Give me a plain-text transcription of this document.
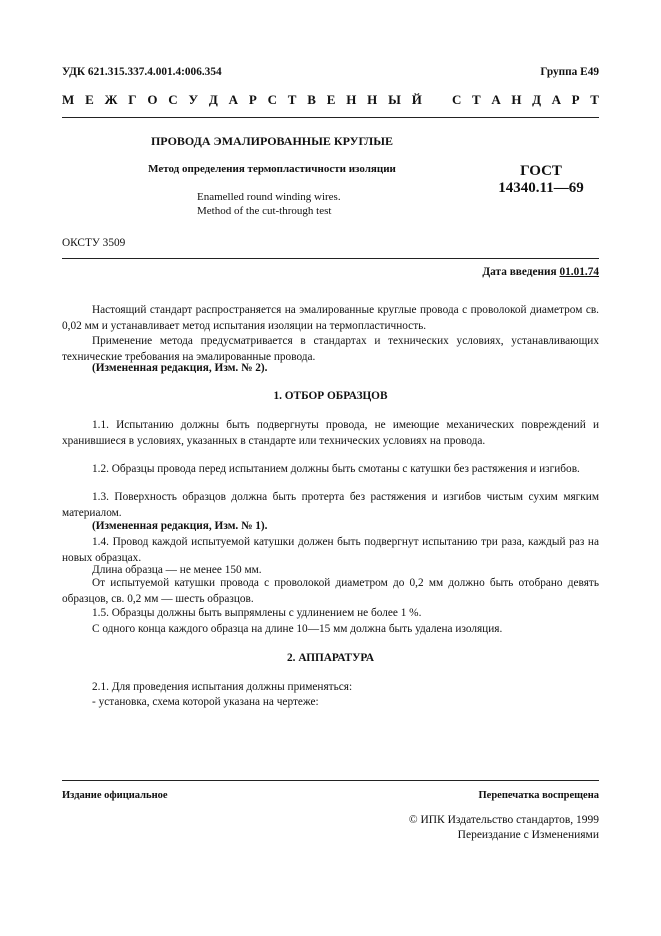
УДК 621.315.337.4.001.4:006.354	Группа Е49
М Е Ж Г О С У Д А Р С Т В Е Н Н Ы Й С Т А Н Д А Р Т
ПРОВОДА ЭМАЛИРОВАННЫЕ КРУГЛЫЕ
Метод определения термопластичности изоляции
Enamelled round winding wires.
Method of the cut-through test
ГОСТ
14340.11—69
ОКСТУ 3509
Дата введения 01.01.74
Настоящий стандарт распространяется на эмалированные круглые провода с проволокой диаметром св. 0,02 мм и устанавливает метод испытания изоляции на термопластичность.
Применение метода предусматривается в стандартах и технических условиях, устанавливающих технические требования на эмалированные провода.
(Измененная редакция, Изм. № 2).
1. ОТБОР ОБРАЗЦОВ
1.1. Испытанию должны быть подвергнуты провода, не имеющие механических повреждений и хранившиеся в условиях, указанных в стандарте или технических условиях на провода.
1.2. Образцы провода перед испытанием должны быть смотаны с катушки без растяжения и изгибов.
1.3. Поверхность образцов должна быть протерта без растяжения и изгибов чистым сухим мягким материалом.
(Измененная редакция, Изм. № 1).
1.4. Провод каждой испытуемой катушки должен быть подвергнут испытанию три раза, каждый раз на новых образцах.
Длина образца — не менее 150 мм.
От испытуемой катушки провода с проволокой диаметром до 0,2 мм должно быть отобрано девять образцов, св. 0,2 мм — шесть образцов.
1.5. Образцы должны быть выпрямлены с удлинением не более 1 %.
С одного конца каждого образца на длине 10—15 мм должна быть удалена изоляция.
2. АППАРАТУРА
2.1. Для проведения испытания должны применяться:
- установка, схема которой указана на чертеже:
Издание официальное	Перепечатка воспрещена
© ИПК Издательство стандартов, 1999
Переиздание с Изменениями
